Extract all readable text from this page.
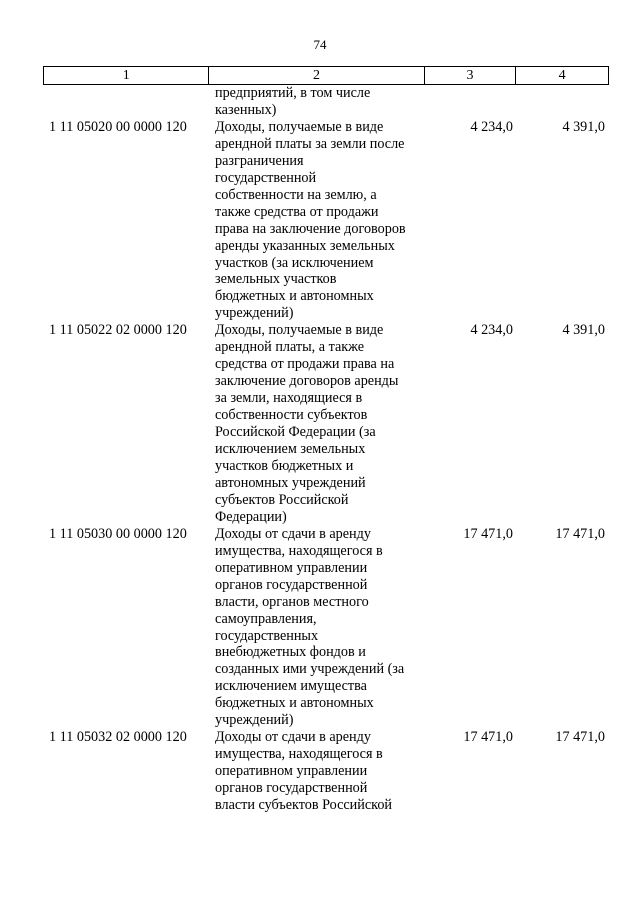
74
1	2	3	4
предприятий, в том числе
казенных)
1 11 05020 00 0000 120	Доходы, получаемые в виде
арендной платы за земли после
разграничения
государственной
собственности на землю, а
также средства от продажи
права на заключение договоров
аренды указанных земельных
участков (за исключением
земельных участков
бюджетных и автономных
учреждений)
4 234,0	4 391,0
1 11 05022 02 0000 120	Доходы, получаемые в виде
арендной платы, а также
средства от продажи права на
заключение договоров аренды
за земли, находящиеся в
собственности субъектов
Российской Федерации (за
исключением земельных
участков бюджетных и
автономных учреждений
субъектов Российской
Федерации)
4 234,0	4 391,0
1 11 05030 00 0000 120	Доходы от сдачи в аренду
имущества, находящегося в
оперативном управлении
органов государственной
власти, органов местного
самоуправления,
государственных
внебюджетных фондов и
созданных ими учреждений (за
исключением имущества
бюджетных и автономных
учреждений)
17 471,0	17 471,0
1 11 05032 02 0000 120	Доходы от сдачи в аренду
имущества, находящегося в
оперативном управлении
органов государственной
власти субъектов Российской
17 471,0	17 471,0
